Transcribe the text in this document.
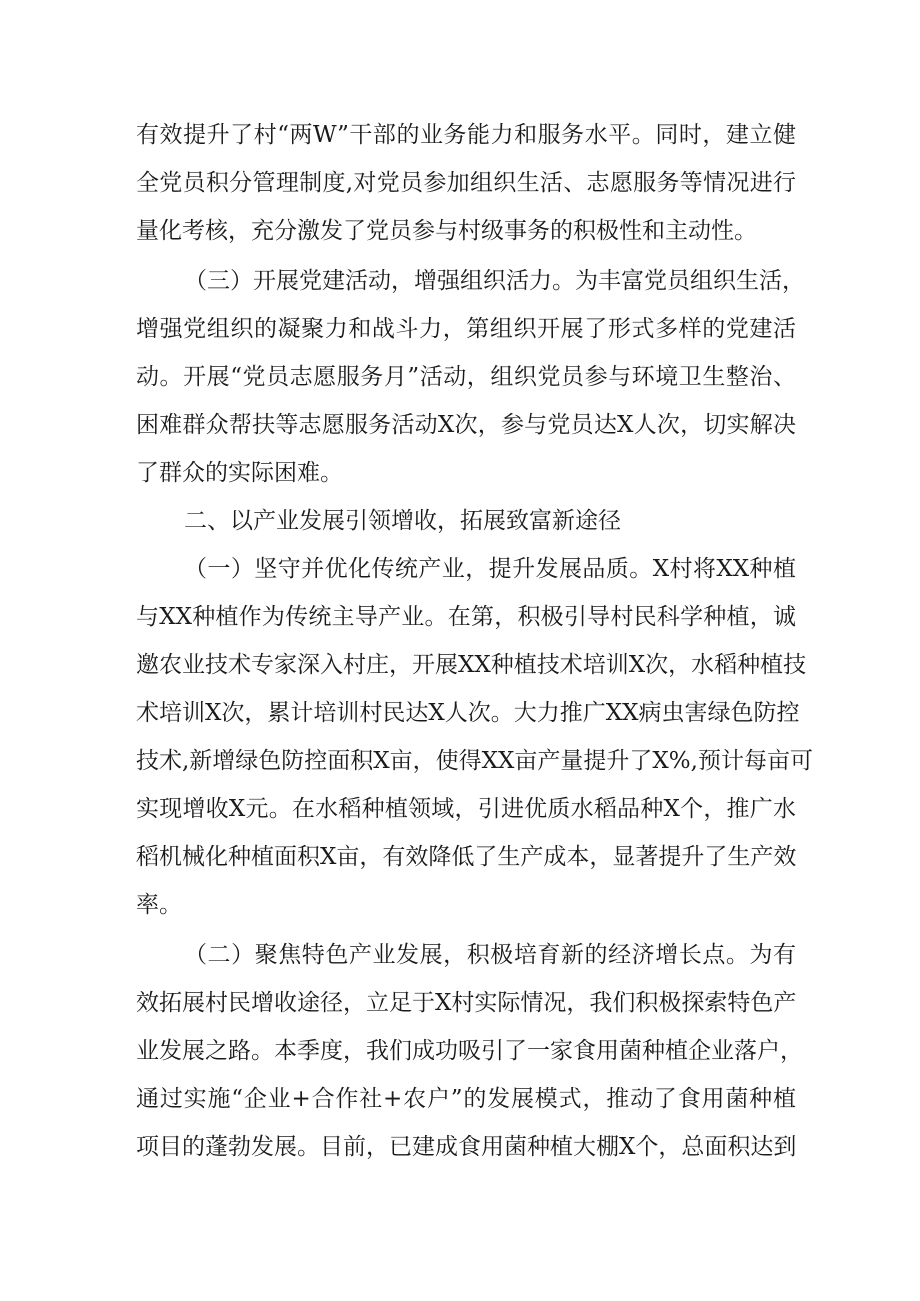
有效提升了村“两W”干部的业务能力和服务水平。同时，建立健
全党员积分管理制度,对党员参加组织生活、志愿服务等情况进行
量化考核，充分激发了党员参与村级事务的积极性和主动性。
（三）开展党建活动，增强组织活力。为丰富党员组织生活，
增强党组织的凝聚力和战斗力，第组织开展了形式多样的党建活
动。开展“党员志愿服务月”活动，组织党员参与环境卫生整治、
困难群众帮扶等志愿服务活动X次，参与党员达X人次，切实解决
了群众的实际困难。
二、以产业发展引领增收，拓展致富新途径
（一）坚守并优化传统产业，提升发展品质。X村将XX种植
与XX种植作为传统主导产业。在第，积极引导村民科学种植，诚
邀农业技术专家深入村庄，开展XX种植技术培训X次，水稻种植技
术培训X次，累计培训村民达X人次。大力推广XX病虫害绿色防控
技术,新增绿色防控面积X亩，使得XX亩产量提升了X%,预计每亩可
实现增收X元。在水稻种植领域，引进优质水稻品种X个，推广水
稻机械化种植面积X亩，有效降低了生产成本，显著提升了生产效
率。
（二）聚焦特色产业发展，积极培育新的经济增长点。为有
效拓展村民增收途径，立足于X村实际情况，我们积极探索特色产
业发展之路。本季度，我们成功吸引了一家食用菌种植企业落户，
通过实施“企业+合作社+农户”的发展模式，推动了食用菌种植
项目的蓬勃发展。目前，已建成食用菌种植大棚X个，总面积达到
